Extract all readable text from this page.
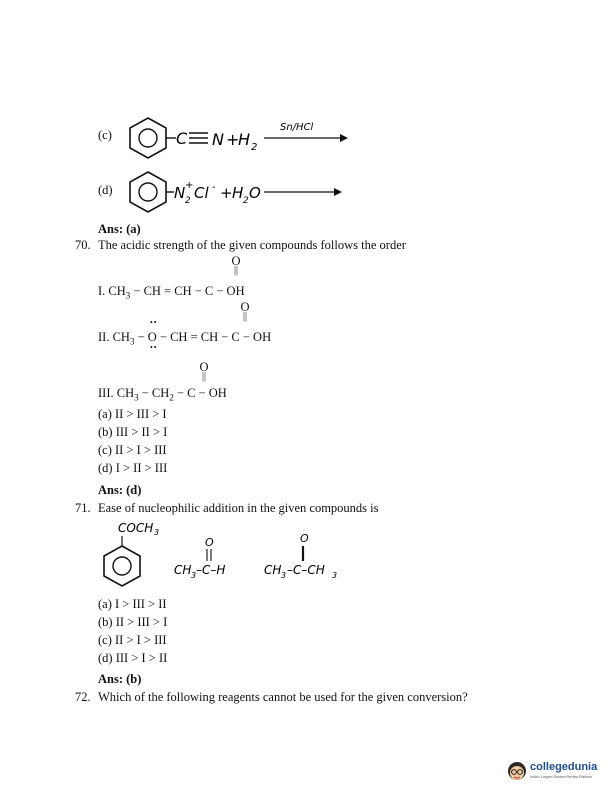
(c)	C N +
H 2
Sn/HCl
(d)	N +
2 Cl - + H 2 O
Ans: (a)
70. The acidic strength of the given compounds follows the order
O
||
I. $CH_3$ − CH = CH − C − OH
••
O
||
II. $CH_3 - O$ − CH = CH − C − OH
••
O
||
III. $CH_3 - CH_2 - C$ − OH
(a) II > III > I
(b) III > II > I
(c) II > I > III
(d) I > II > III
Ans: (d)
71. Ease of nucleophilic addition in the given compounds is
COCH 3
O
CH 3 –C–H
O
CH 3 –C–CH 3
(a) I > III > II
(b) II > III > I
(c) II > I > III
(d) III > I > II
Ans: (b)
72. Which of the following reagents cannot be used for the given conversion?
collegedunia
India's Largest Student Review Platform
